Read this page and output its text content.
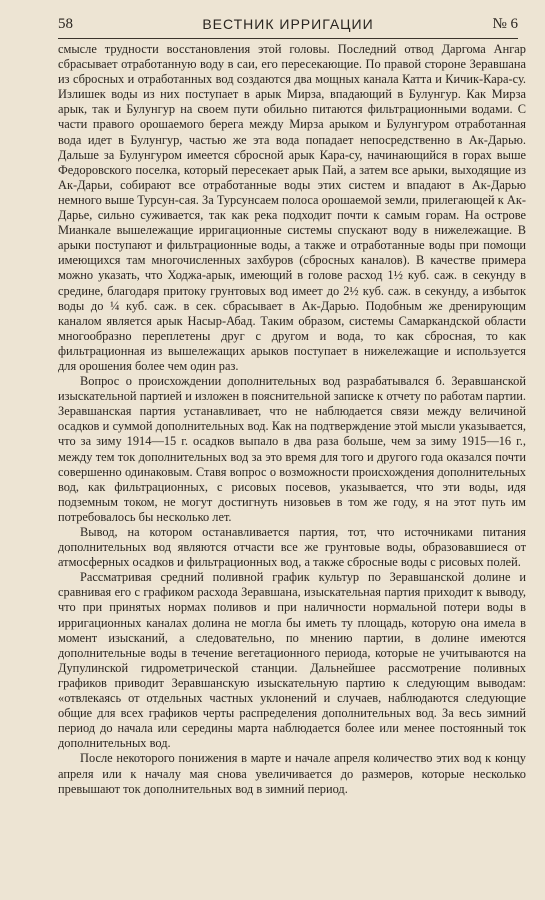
58	ВЕСТНИК ИРРИГАЦИИ	№ 6

смысле трудности восстановления этой головы. Последний отвод Даргома Ангар сбрасывает отработанную воду в саи, его пересекающие. По правой стороне Зеравшана из сбросных и отработанных вод создаются два мощных канала Катта и Кичик-Кара-су. Излишек воды из них поступает в арык Мирза, впадающий в Булунгур. Как Мирза арык, так и Булунгур на своем пути обильно питаются фильтрационными водами. С части правого орошаемого берега между Мирза арыком и Булунгуром отработанная вода идет в Булунгур, частью же эта вода попадает непосредственно в Ак-Дарью. Дальше за Булунгуром имеется сбросной арык Кара-су, начинающийся в горах выше Федоровского поселка, который пересекает арык Пай, а затем все арыки, выходящие из Ак-Дарьи, собирают все отработанные воды этих систем и впадают в Ак-Дарью немного выше Турсун-сая. За Турсунсаем полоса орошаемой земли, прилегающей к Ак-Дарье, сильно суживается, так как река подходит почти к самым горам. На острове Мианкале вышележащие ирригационные системы спускают воду в нижележащие. В арыки поступают и фильтрационные воды, а также и отработанные воды при помощи имеющихся там многочисленных захбуров (сбросных каналов). В качестве примера можно указать, что Ходжа-арык, имеющий в голове расход 1½ куб. саж. в секунду в средине, благодаря притоку грунтовых вод имеет до 2½ куб. саж. в секунду, а избыток воды до ¼ куб. саж. в сек. сбрасывает в Ак-Дарью. Подобным же дренирующим каналом является арык Насыр-Абад. Таким образом, системы Самаркандской области многообразно переплетены друг с другом и вода, то как сбросная, то как фильтрационная из вышележащих арыков поступает в нижележащие и используется для орошения более чем один раз.

Вопрос о происхождении дополнительных вод разрабатывался б. Зеравшанской изыскательной партией и изложен в пояснительной записке к отчету по работам партии. Зеравшанская партия устанавливает, что не наблюдается связи между величиной осадков и суммой дополнительных вод. Как на подтверждение этой мысли указывается, что за зиму 1914—15 г. осадков выпало в два раза больше, чем за зиму 1915—16 г., между тем ток дополнительных вод за это время для того и другого года оказался почти совершенно одинаковым. Ставя вопрос о возможности происхождения дополнительных вод, как фильтрационных, с рисовых посевов, указывается, что эти воды, идя подземным током, не могут достигнуть низовьев в том же году, я на этот путь им потребовалось бы несколько лет.

Вывод, на котором останавливается партия, тот, что источниками питания дополнительных вод являются отчасти все же грунтовые воды, образовавшиеся от атмосферных осадков и фильтрационных вод, а также сбросные воды с рисовых полей.

Рассматривая средний поливной график культур по Зеравшанской долине и сравнивая его с графиком расхода Зеравшана, изыскательная партия приходит к выводу, что при принятых нормах поливов и при наличности нормальной потери воды в ирригационных каналах долина не могла бы иметь ту площадь, которую она имела в момент изысканий, а следовательно, по мнению партии, в долине имеются дополнительные воды в течение вегетационного периода, которые не учитываются на Дупулинской гидрометрической станции. Дальнейшее рассмотрение поливных графиков приводит Зеравшанскую изыскательную партию к следующим выводам: «отвлекаясь от отдельных частных уклонений и случаев, наблюдаются следующие общие для всех графиков черты распределения дополнительных вод. За весь зимний период до начала или середины марта наблюдается более или менее постоянный ток дополнительных вод.

После некоторого понижения в марте и начале апреля количество этих вод к концу апреля или к началу мая снова увеличивается до размеров, которые несколько превышают ток дополнительных вод в зимний период.
